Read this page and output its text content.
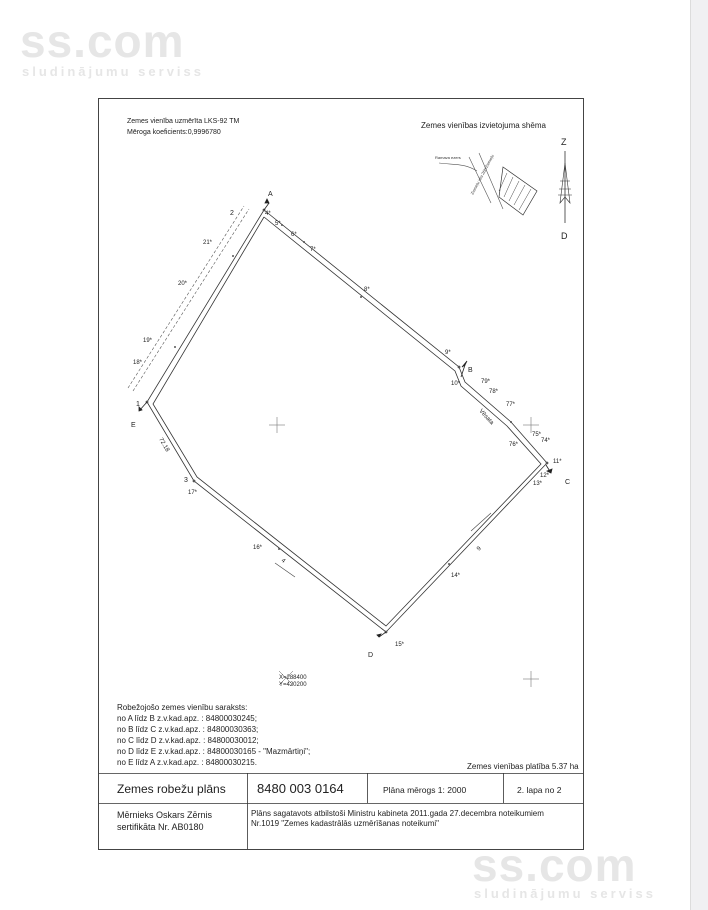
ss.com
sludinājumu serviss
Zemes vienība uzmērīta LKS-92 TM
Mēroga koeficients:0,9996780
Zemes vienības izvietojuma shēma
Ramava ezers Ziemeļu iela 26b/Ziemeļu
Z
D
A
B
C
D
E
1
2
3
4*
5*
6*
7*
8*
9*
10*
11*
12*
13*
14*
15*
16*
17*
18*
19*
20*
21*
74*
75*
76*
77*
78*
79*
72.18
Vēsata
4
9
X=288400
Y=420200
Robežojošo zemes vienību saraksts:
no A līdz B z.v.kad.apz. : 84800030245;
no B līdz C z.v.kad.apz. : 84800030363;
no C līdz D z.v.kad.apz. : 84800030012;
no D līdz E z.v.kad.apz. : 84800030165 - "Mazmārtiņi";
no E līdz A z.v.kad.apz. : 84800030215.	Zemes vienības platība 5.37 ha
Zemes robežu plāns 8480 003 0164	Plāna mērogs 1: 2000	2. lapa no 2
Mērnieks Oskars Zērnis
sertifikāta Nr. AB0180
Plāns sagatavots atbilstoši Ministru kabineta 2011.gada 27.decembra noteikumiem
Nr.1019 "Zemes kadastrālās uzmērīšanas noteikumi"
ss.com
sludinājumu serviss
